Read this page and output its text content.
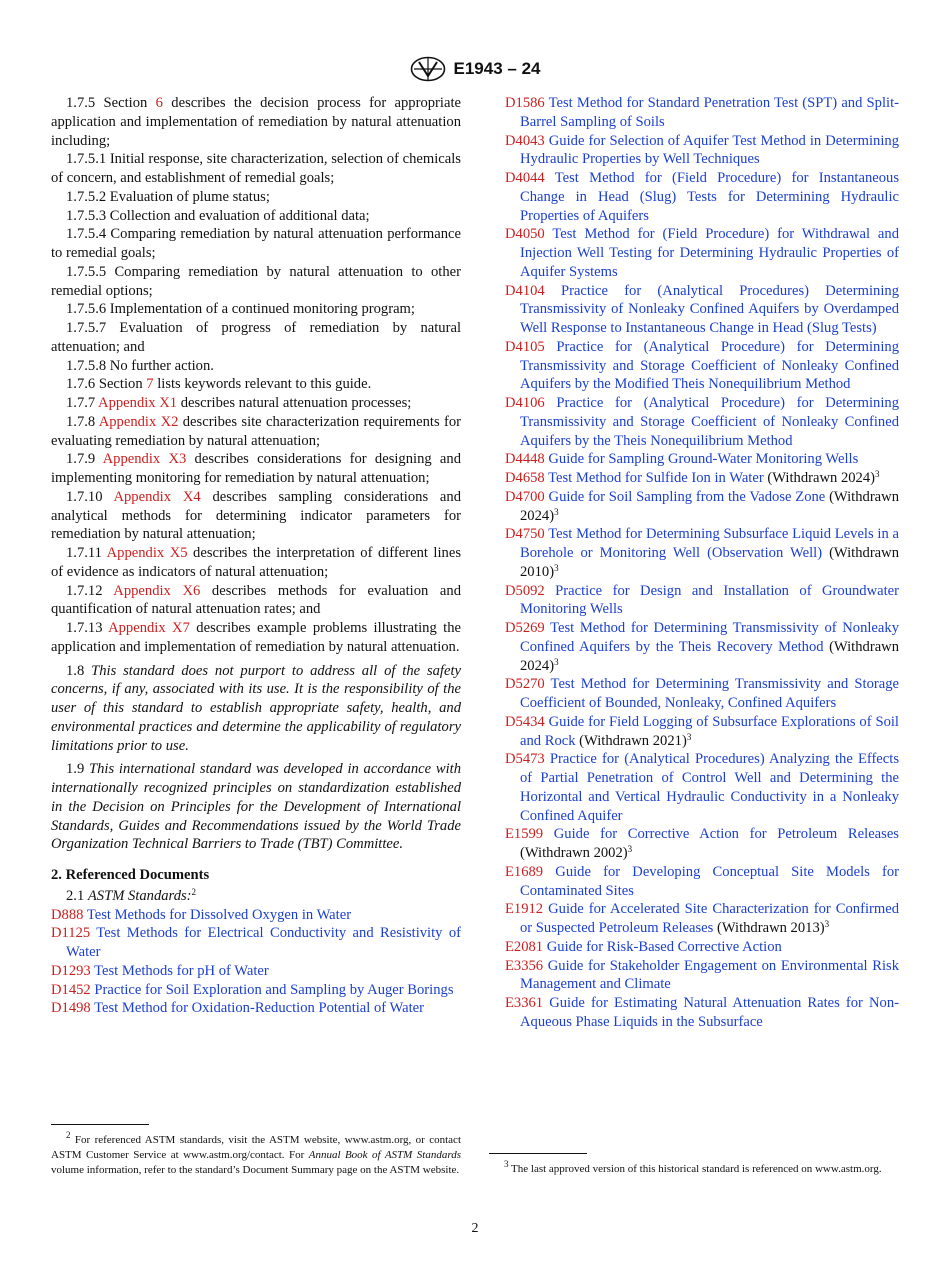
E1943 – 24

1.7.5 Section 6 describes the decision process for appropriate application and implementation of remediation by natural attenuation including;

1.7.5.1 Initial response, site characterization, selection of chemicals of concern, and establishment of remedial goals;

1.7.5.2 Evaluation of plume status;

1.7.5.3 Collection and evaluation of additional data;

1.7.5.4 Comparing remediation by natural attenuation performance to remedial goals;

1.7.5.5 Comparing remediation by natural attenuation to other remedial options;

1.7.5.6 Implementation of a continued monitoring program;

1.7.5.7 Evaluation of progress of remediation by natural attenuation; and

1.7.5.8 No further action.

1.7.6 Section 7 lists keywords relevant to this guide.

1.7.7 Appendix X1 describes natural attenuation processes;

1.7.8 Appendix X2 describes site characterization requirements for evaluating remediation by natural attenuation;

1.7.9 Appendix X3 describes considerations for designing and implementing monitoring for remediation by natural attenuation;

1.7.10 Appendix X4 describes sampling considerations and analytical methods for determining indicator parameters for remediation by natural attenuation;

1.7.11 Appendix X5 describes the interpretation of different lines of evidence as indicators of natural attenuation;

1.7.12 Appendix X6 describes methods for evaluation and quantification of natural attenuation rates; and

1.7.13 Appendix X7 describes example problems illustrating the application and implementation of remediation by natural attenuation.

1.8 This standard does not purport to address all of the safety concerns, if any, associated with its use. It is the responsibility of the user of this standard to establish appropriate safety, health, and environmental practices and determine the applicability of regulatory limitations prior to use.

1.9 This international standard was developed in accordance with internationally recognized principles on standardization established in the Decision on Principles for the Development of International Standards, Guides and Recommendations issued by the World Trade Organization Technical Barriers to Trade (TBT) Committee.

2. Referenced Documents

2.1 ASTM Standards:$^2$

D888 Test Methods for Dissolved Oxygen in Water

D1125 Test Methods for Electrical Conductivity and Resistivity of Water

D1293 Test Methods for pH of Water

D1452 Practice for Soil Exploration and Sampling by Auger Borings

D1498 Test Method for Oxidation-Reduction Potential of Water

D1586 Test Method for Standard Penetration Test (SPT) and Split-Barrel Sampling of Soils

D4043 Guide for Selection of Aquifer Test Method in Determining Hydraulic Properties by Well Techniques

D4044 Test Method for (Field Procedure) for Instantaneous Change in Head (Slug) Tests for Determining Hydraulic Properties of Aquifers

D4050 Test Method for (Field Procedure) for Withdrawal and Injection Well Testing for Determining Hydraulic Properties of Aquifer Systems

D4104 Practice for (Analytical Procedures) Determining Transmissivity of Nonleaky Confined Aquifers by Overdamped Well Response to Instantaneous Change in Head (Slug Tests)

D4105 Practice for (Analytical Procedure) for Determining Transmissivity and Storage Coefficient of Nonleaky Confined Aquifers by the Modified Theis Nonequilibrium Method

D4106 Practice for (Analytical Procedure) for Determining Transmissivity and Storage Coefficient of Nonleaky Confined Aquifers by the Theis Nonequilibrium Method

D4448 Guide for Sampling Ground-Water Monitoring Wells

D4658 Test Method for Sulfide Ion in Water (Withdrawn 2024)$^3$

D4700 Guide for Soil Sampling from the Vadose Zone (Withdrawn 2024)$^3$

D4750 Test Method for Determining Subsurface Liquid Levels in a Borehole or Monitoring Well (Observation Well) (Withdrawn 2010)$^3$

D5092 Practice for Design and Installation of Groundwater Monitoring Wells

D5269 Test Method for Determining Transmissivity of Nonleaky Confined Aquifers by the Theis Recovery Method (Withdrawn 2024)$^3$

D5270 Test Method for Determining Transmissivity and Storage Coefficient of Bounded, Nonleaky, Confined Aquifers

D5434 Guide for Field Logging of Subsurface Explorations of Soil and Rock (Withdrawn 2021)$^3$

D5473 Practice for (Analytical Procedures) Analyzing the Effects of Partial Penetration of Control Well and Determining the Horizontal and Vertical Hydraulic Conductivity in a Nonleaky Confined Aquifer

E1599 Guide for Corrective Action for Petroleum Releases (Withdrawn 2002)$^3$

E1689 Guide for Developing Conceptual Site Models for Contaminated Sites

E1912 Guide for Accelerated Site Characterization for Confirmed or Suspected Petroleum Releases (Withdrawn 2013)$^3$

E2081 Guide for Risk-Based Corrective Action

E3356 Guide for Stakeholder Engagement on Environmental Risk Management and Climate

E3361 Guide for Estimating Natural Attenuation Rates for Non-Aqueous Phase Liquids in the Subsurface

$^2$ For referenced ASTM standards, visit the ASTM website, www.astm.org, or contact ASTM Customer Service at www.astm.org/contact. For Annual Book of ASTM Standards volume information, refer to the standard’s Document Summary page on the ASTM website.	$^3$ The last approved version of this historical standard is referenced on www.astm.org.
2
